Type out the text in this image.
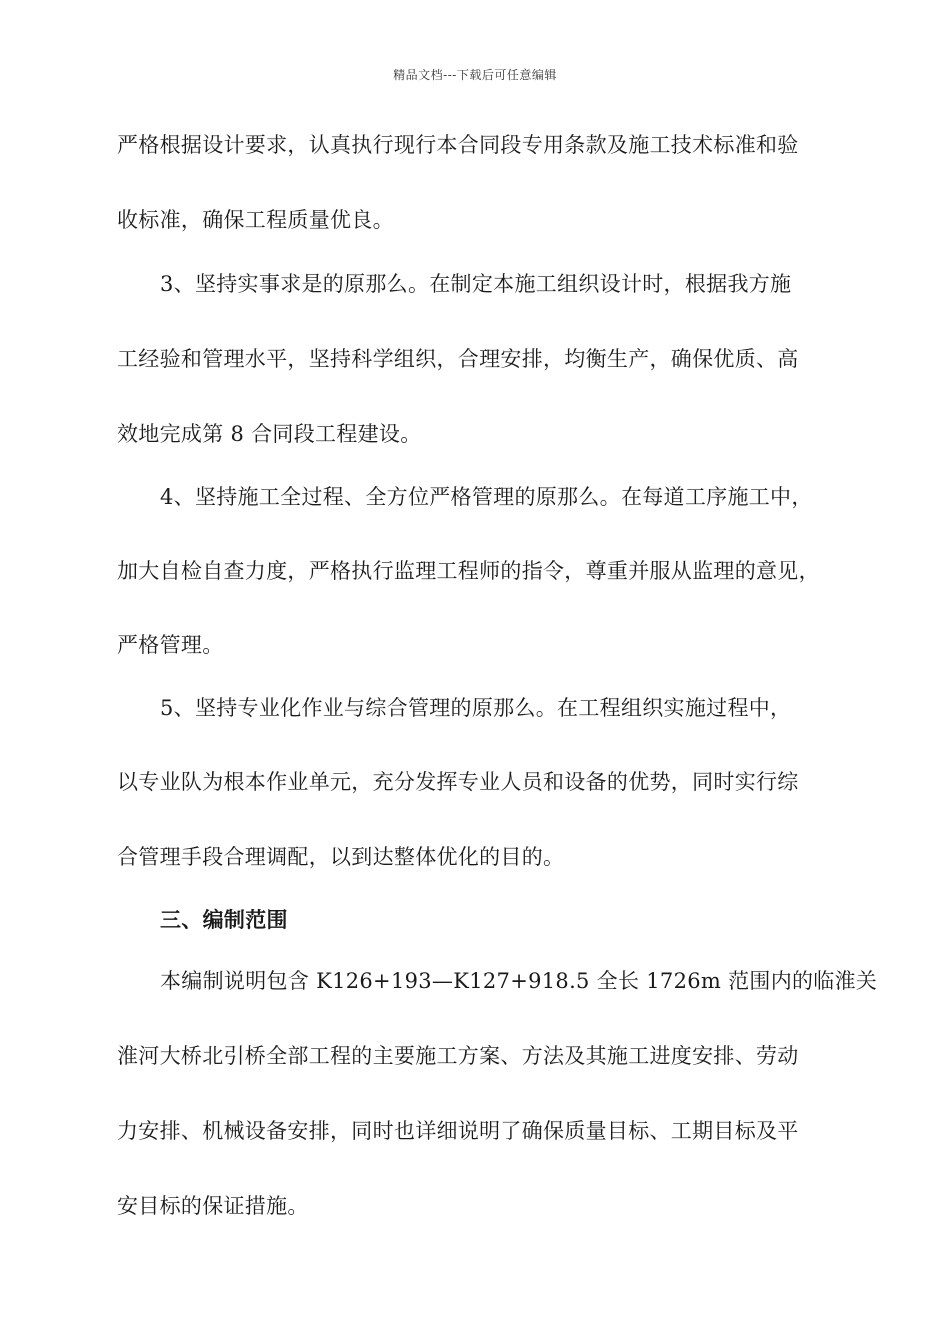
精品文档---下载后可任意编辑
严格根据设计要求，认真执行现行本合同段专用条款及施工技术标准和验
收标准，确保工程质量优良。
3、坚持实事求是的原那么。在制定本施工组织设计时，根据我方施
工经验和管理水平，坚持科学组织，合理安排，均衡生产，确保优质、高
效地完成第 8 合同段工程建设。
4、坚持施工全过程、全方位严格管理的原那么。在每道工序施工中，
加大自检自查力度，严格执行监理工程师的指令，尊重并服从监理的意见，
严格管理。
5、坚持专业化作业与综合管理的原那么。在工程组织实施过程中，
以专业队为根本作业单元，充分发挥专业人员和设备的优势，同时实行综
合管理手段合理调配，以到达整体优化的目的。
三、编制范围
本编制说明包含 K126+193—K127+918.5 全长 1726m 范围内的临淮关
淮河大桥北引桥全部工程的主要施工方案、方法及其施工进度安排、劳动
力安排、机械设备安排，同时也详细说明了确保质量目标、工期目标及平
安目标的保证措施。
